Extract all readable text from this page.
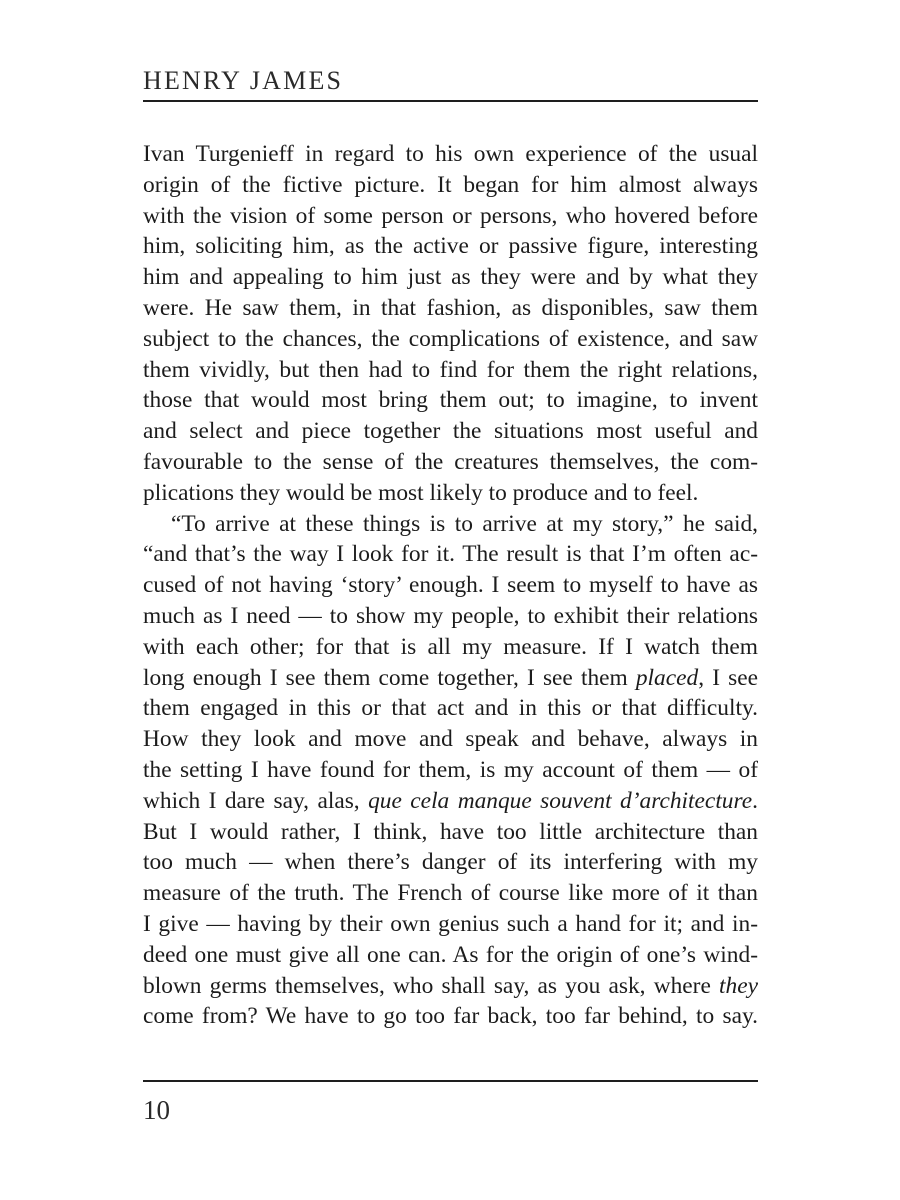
HENRY JAMES
Ivan Turgenieff in regard to his own experience of the usual
origin of the fictive picture. It began for him almost always
with the vision of some person or persons, who hovered before
him, soliciting him, as the active or passive figure, interesting
him and appealing to him just as they were and by what they
were. He saw them, in that fashion, as disponibles, saw them
subject to the chances, the complications of existence, and saw
them vividly, but then had to find for them the right relations,
those that would most bring them out; to imagine, to invent
and select and piece together the situations most useful and
favourable to the sense of the creatures themselves, the com-
plications they would be most likely to produce and to feel.
“To arrive at these things is to arrive at my story,” he said,
“and that’s the way I look for it. The result is that I’m often ac-
cused of not having ‘story’ enough. I seem to myself to have as
much as I need — to show my people, to exhibit their relations
with each other; for that is all my measure. If I watch them
long enough I see them come together, I see them placed, I see
them engaged in this or that act and in this or that difficulty.
How they look and move and speak and behave, always in
the setting I have found for them, is my account of them — of
which I dare say, alas, que cela manque souvent d’architecture.
But I would rather, I think, have too little architecture than
too much — when there’s danger of its interfering with my
measure of the truth. The French of course like more of it than
I give — having by their own genius such a hand for it; and in-
deed one must give all one can. As for the origin of one’s wind-
blown germs themselves, who shall say, as you ask, where they
come from? We have to go too far back, too far behind, to say.
10
